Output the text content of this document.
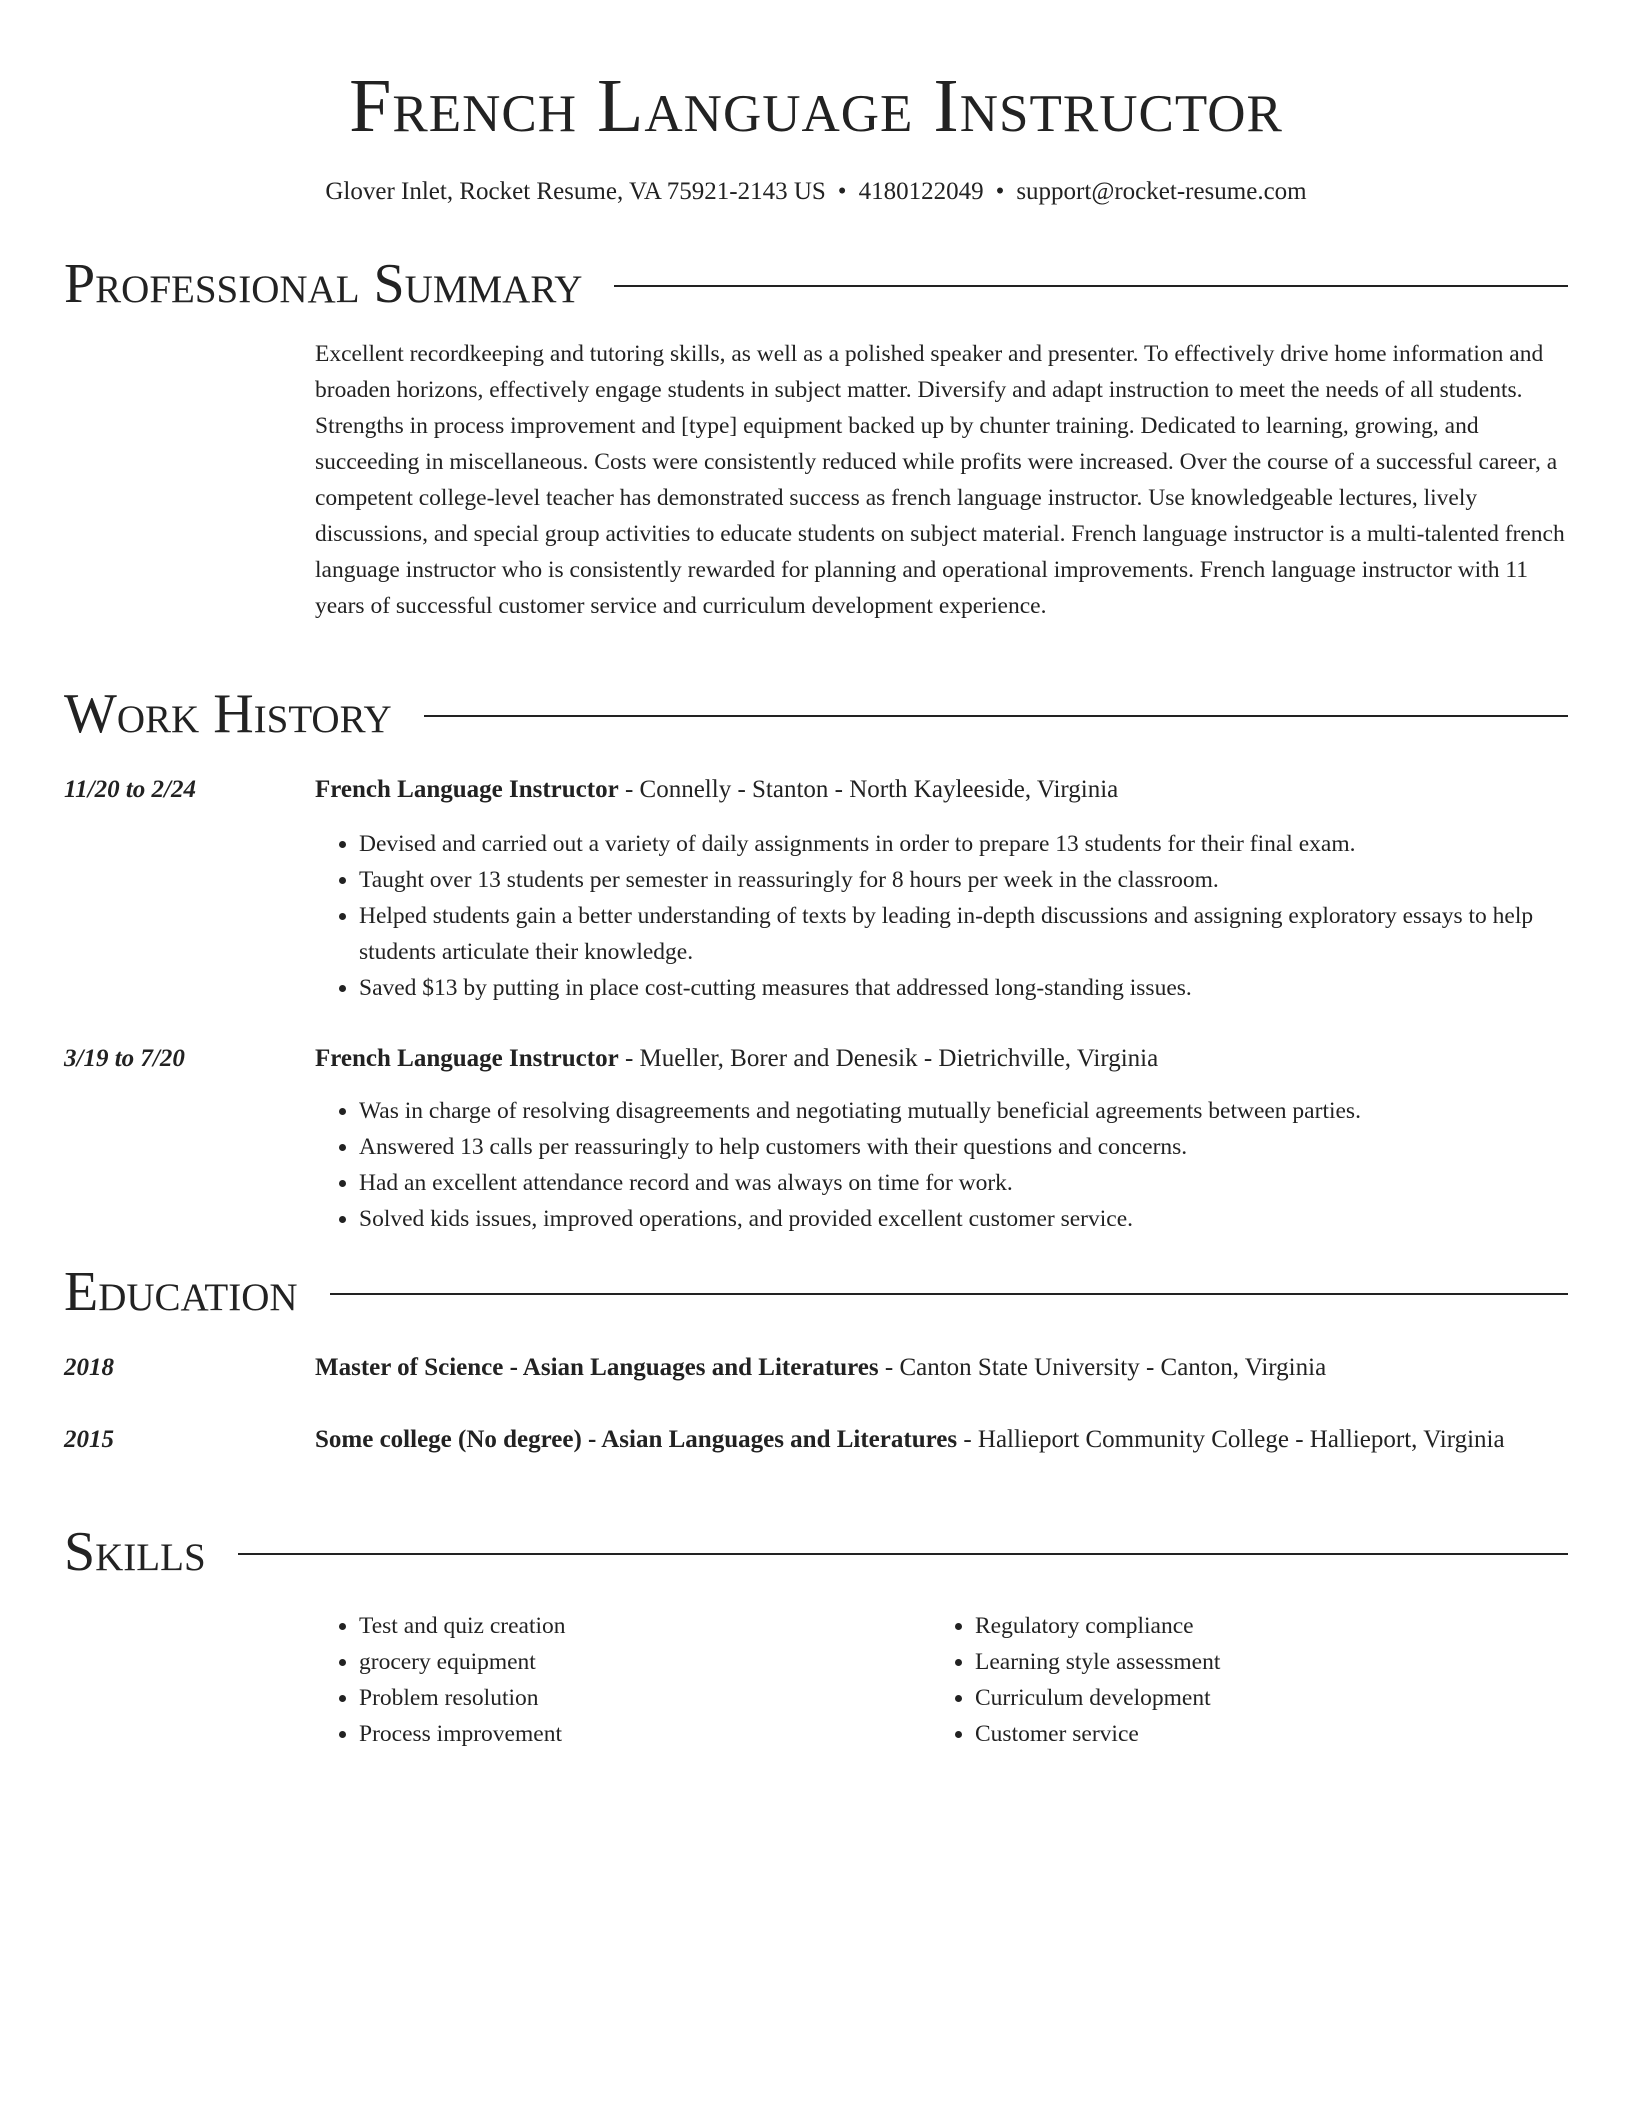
French Language Instructor
Glover Inlet, Rocket Resume, VA 75921-2143 US • 4180122049 • support@rocket-resume.com
Professional Summary

Excellent recordkeeping and tutoring skills, as well as a polished speaker and presenter. To effectively drive home information and broaden horizons, effectively engage students in subject matter. Diversify and adapt instruction to meet the needs of all students. Strengths in process improvement and [type] equipment backed up by chunter training. Dedicated to learning, growing, and succeeding in miscellaneous. Costs were consistently reduced while profits were increased. Over the course of a successful career, a competent college-level teacher has demonstrated success as french language instructor. Use knowledgeable lectures, lively discussions, and special group activities to educate students on subject material. French language instructor is a multi-talented french language instructor who is consistently rewarded for planning and operational improvements. French language instructor with 11 years of successful customer service and curriculum development experience.

Work History
11/20 to 2/24	French Language Instructor - Connelly - Stanton - North Kayleeside, Virginia
• Devised and carried out a variety of daily assignments in order to prepare 13 students for their final exam.
• Taught over 13 students per semester in reassuringly for 8 hours per week in the classroom.
• Helped students gain a better understanding of texts by leading in-depth discussions and assigning exploratory essays to help students articulate their knowledge.
• Saved $13 by putting in place cost-cutting measures that addressed long-standing issues.
3/19 to 7/20	French Language Instructor - Mueller, Borer and Denesik - Dietrichville, Virginia
• Was in charge of resolving disagreements and negotiating mutually beneficial agreements between parties.
• Answered 13 calls per reassuringly to help customers with their questions and concerns.
• Had an excellent attendance record and was always on time for work.
• Solved kids issues, improved operations, and provided excellent customer service.
Education
2018	Master of Science - Asian Languages and Literatures - Canton State University - Canton, Virginia
2015	Some college (No degree) - Asian Languages and Literatures - Hallieport Community College - Hallieport, Virginia
Skills
• Test and quiz creation
• grocery equipment
• Problem resolution
• Process improvement
• Regulatory compliance
• Learning style assessment
• Curriculum development
• Customer service
